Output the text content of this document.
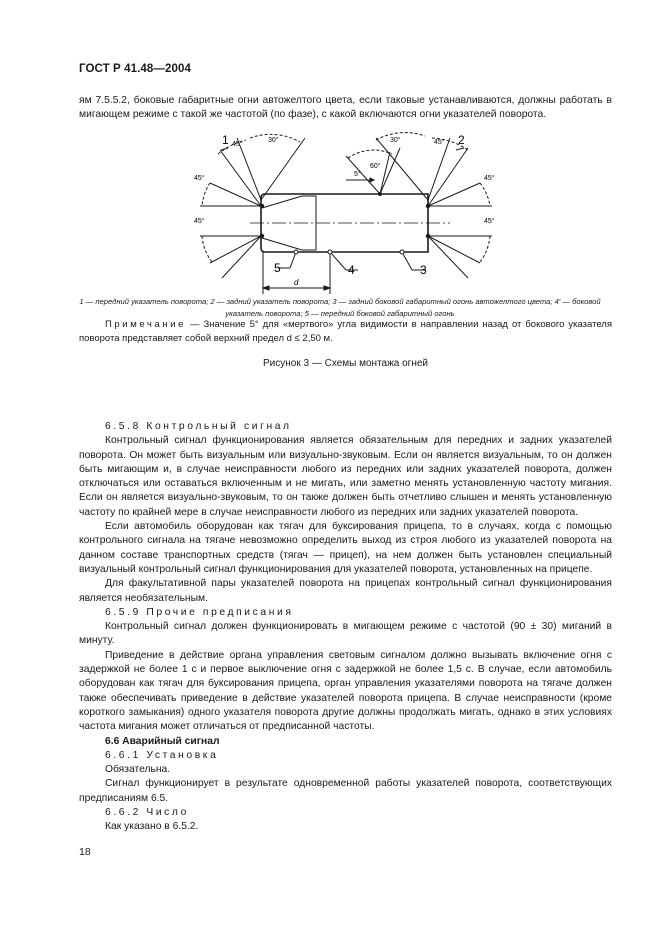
ГОСТ Р 41.48—2004
ям 7.5.5.2, боковые габаритные огни автожелтого цвета, если таковые устанавливаются, должны работать в мигающем режиме с такой же частотой (по фазе), с какой включаются огни указателей поворота.
1	2
3
4
5
d
45°
30°	30°	45°
45°
45°
45°
45°
60°
5°
1 — передний указатель поворота; 2 — задний указатель поворота; 3 — задний боковой габаритный огонь автожелтого цвета; 4′ — боковой указатель поворота; 5 — передний боковой габаритный огонь
Примечание — Значение 5° для «мертвого» угла видимости в направлении назад от бокового указателя поворота представляет собой верхний предел d ≤ 2,50 м.
Рисунок 3 — Схемы монтажа огней
6.5.8 Контрольный сигнал
Контрольный сигнал функционирования является обязательным для передних и задних указателей поворота. Он может быть визуальным или визуально-звуковым. Если он является визуальным, то он должен быть мигающим и, в случае неисправности любого из передних или задних указателей поворота, должен отключаться или оставаться включенным и не мигать, или заметно менять установленную частоту мигания. Если он является визуально-звуковым, то он также должен быть отчетливо слышен и менять установленную частоту по крайней мере в случае неисправности любого из передних или задних указателей поворота.
Если автомобиль оборудован как тягач для буксирования прицепа, то в случаях, когда с помощью контрольного сигнала на тягаче невозможно определить выход из строя любого из указателей поворота на данном составе транспортных средств (тягач — прицеп), на нем должен быть установлен специальный визуальный контрольный сигнал функционирования для указателей поворота, установленных на прицепе.
Для факультативной пары указателей поворота на прицепах контрольный сигнал функционирования является необязательным.
6.5.9 Прочие предписания
Контрольный сигнал должен функционировать в мигающем режиме с частотой (90 ± 30) миганий в минуту.
Приведение в действие органа управления световым сигналом должно вызывать включение огня с задержкой не более 1 с и первое выключение огня с задержкой не более 1,5 с. В случае, если автомобиль оборудован как тягач для буксирования прицепа, орган управления указателями поворота на тягаче должен также обеспечивать приведение в действие указателей поворота прицепа. В случае неисправности (кроме короткого замыкания) одного указателя поворота другие должны продолжать мигать, однако в этих условиях частота мигания может отличаться от предписанной частоты.
6.6 Аварийный сигнал
6.6.1 Установка
Обязательна.
Сигнал функционирует в результате одновременной работы указателей поворота, соответствующих предписаниям 6.5.
6.6.2 Число
Как указано в 6.5.2.
18
